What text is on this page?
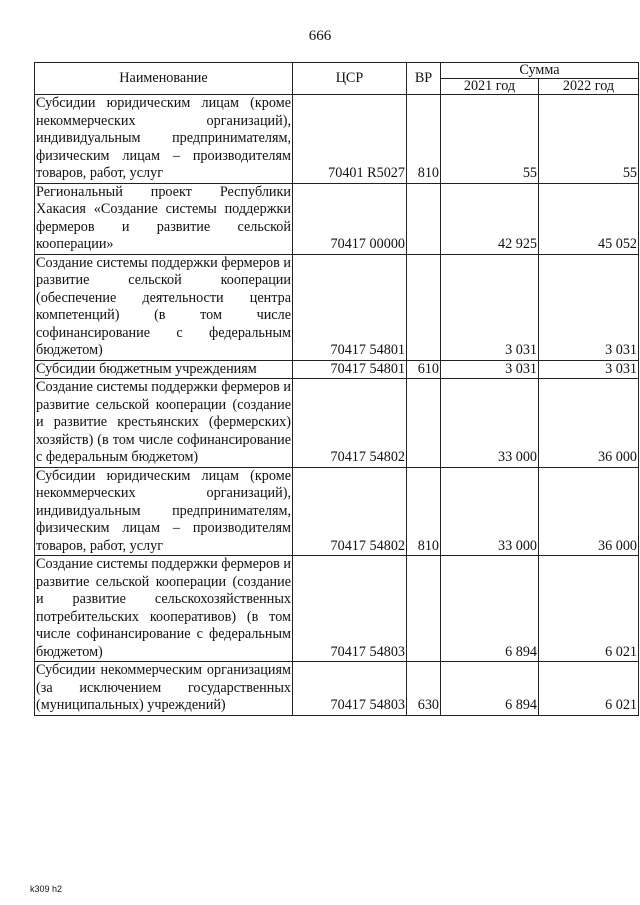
666
Наименование	ЦСР	ВР	Сумма	
			2021 год	2022 год
Субсидии юридическим лицам (кроме некоммерческих организаций), индивидуальным предпринимателям, физическим лицам – производителям товаров, работ, услуг	70401 R5027	810	55	55
Региональный проект Республики Хакасия «Создание системы поддержки фермеров и развитие сельской кооперации»	70417 00000		42 925	45 052
Создание системы поддержки фермеров и развитие сельской кооперации (обеспечение деятельности центра компетенций) (в том числе софинансирование с федеральным бюджетом)	70417 54801		3 031	3 031
Субсидии бюджетным учреждениям	70417 54801	610	3 031	3 031
Создание системы поддержки фермеров и развитие сельской кооперации (создание и развитие крестьянских (фермерских) хозяйств) (в том числе софинансирование с федеральным бюджетом)	70417 54802		33 000	36 000
Субсидии юридическим лицам (кроме некоммерческих организаций), индивидуальным предпринимателям, физическим лицам – производителям товаров, работ, услуг	70417 54802	810	33 000	36 000
Создание системы поддержки фермеров и развитие сельской кооперации (создание и развитие сельскохозяйственных потребительских кооперативов) (в том числе софинансирование с федеральным бюджетом)	70417 54803		6 894	6 021
Субсидии некоммерческим организациям (за исключением государственных (муниципальных) учреждений)	70417 54803	630	6 894	6 021
k309 h2
